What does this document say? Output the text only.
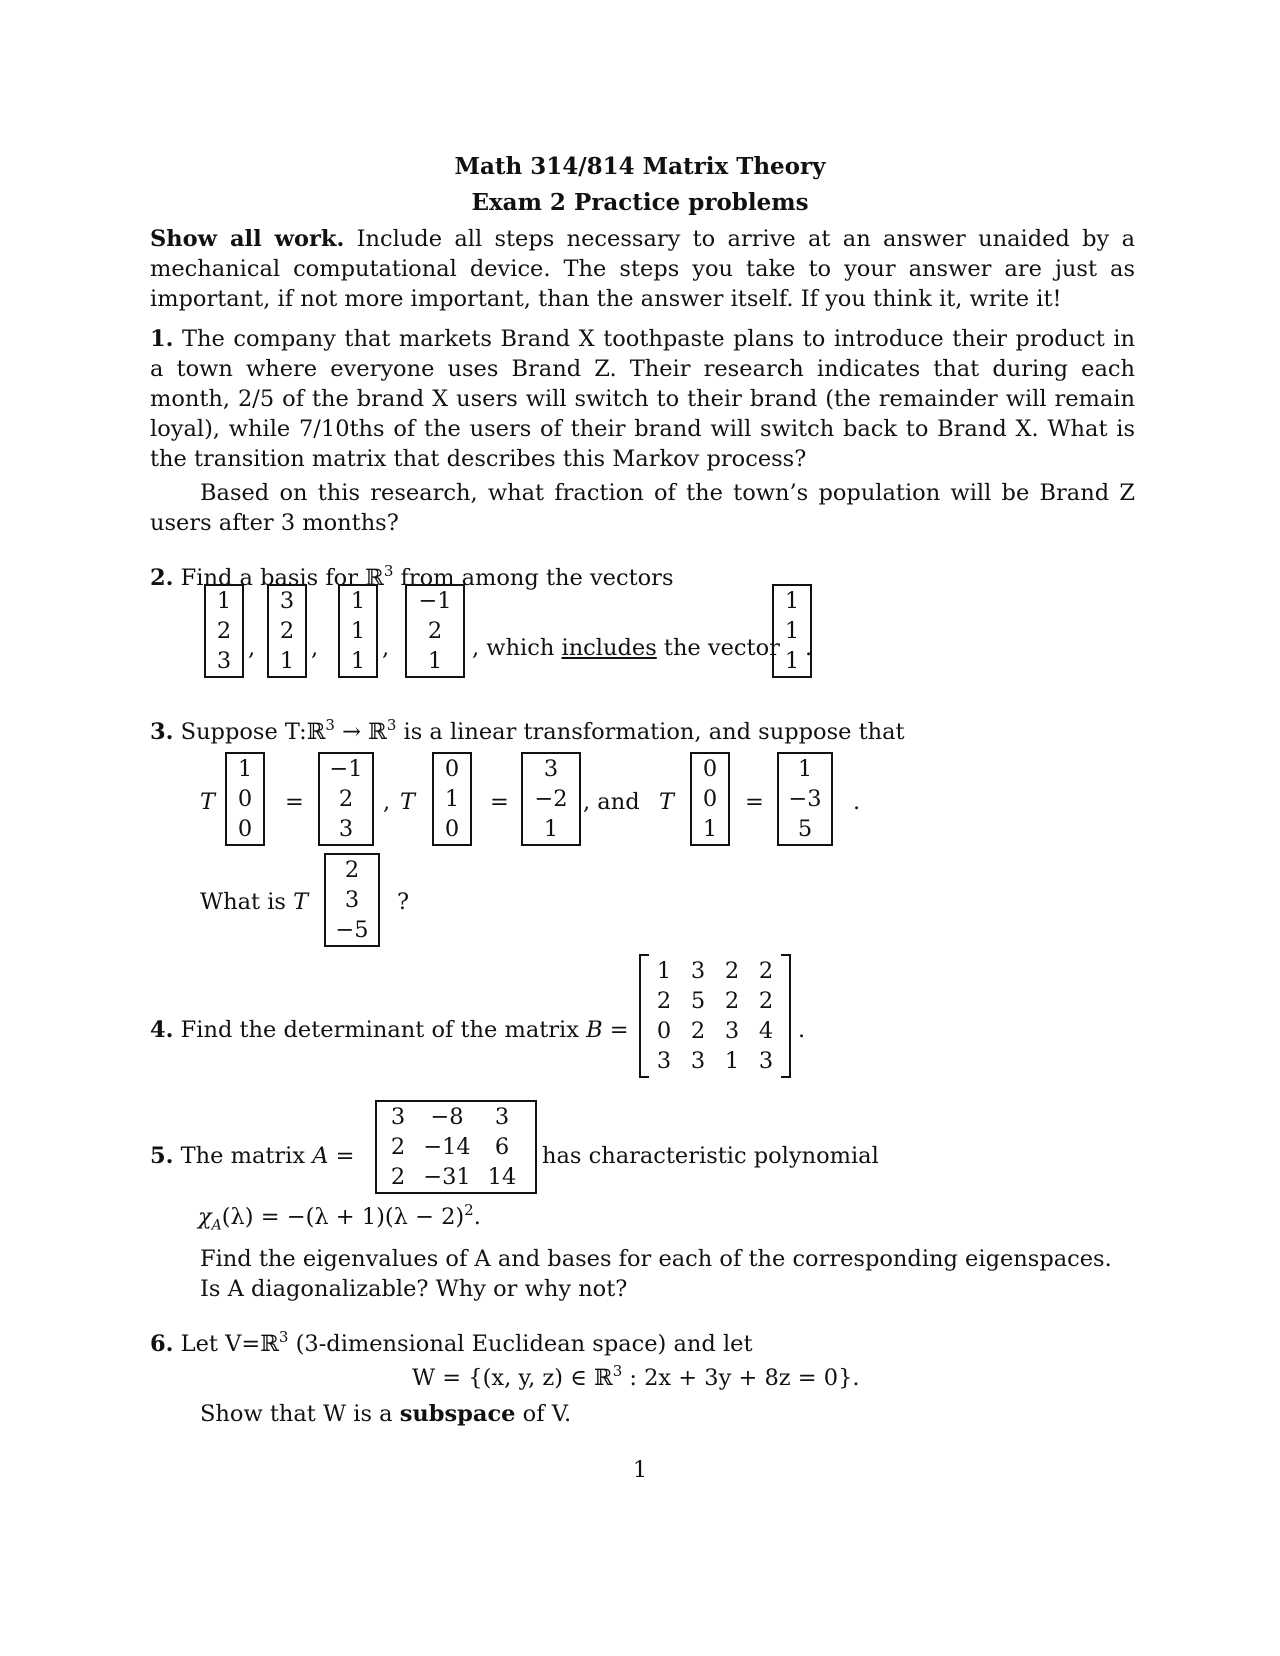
Math 314/814 Matrix Theory
Exam 2 Practice problems
Show all work. Include all steps necessary to arrive at an answer unaided by a mechanical computational device. The steps you take to your answer are just as important, if not more important, than the answer itself. If you think it, write it!
1. The company that markets Brand X toothpaste plans to introduce their product in a town where everyone uses Brand Z. Their research indicates that during each month, 2/5 of the brand X users will switch to their brand (the remainder will remain loyal), while 7/10ths of the users of their brand will switch back to Brand X. What is the transition matrix that describes this Markov process?
Based on this research, what fraction of the town’s population will be Brand Z users after 3 months?
2. Find a basis for ℝ$^3$ from among the vectors
1
2
3 ,
3
2
1 ,
1
1
1 ,
−1
2
1
1
1
1
, which includes the vector .
3. Suppose T:ℝ$^3$ → ℝ$^3$ is a linear transformation, and suppose that
T
1
0
0
=
−1
2
3
, T
0
1
0
=
3
−2
1
, and T
0
0
1
=
1
−3
5
.
2
3
−5
What is T	?
4. Find the determinant of the matrix B =
1 3 2 2
2 5 2 2
0 2 3 4
3 3 1 3
.
5. The matrix A =
3	−8	3
2 −14	6
2 −31 14
has characteristic polynomial
$\chi_A(\lambda) = -(\lambda + 1)(\lambda - 2)^2$.
Find the eigenvalues of A and bases for each of the corresponding eigenspaces.
Is A diagonalizable? Why or why not?
6. Let V=ℝ$^3$ (3-dimensional Euclidean space) and let
W = {(x, y, z) ∈ ℝ$^3$ : 2x + 3y + 8z = 0}.
Show that W is a subspace of V.
1
